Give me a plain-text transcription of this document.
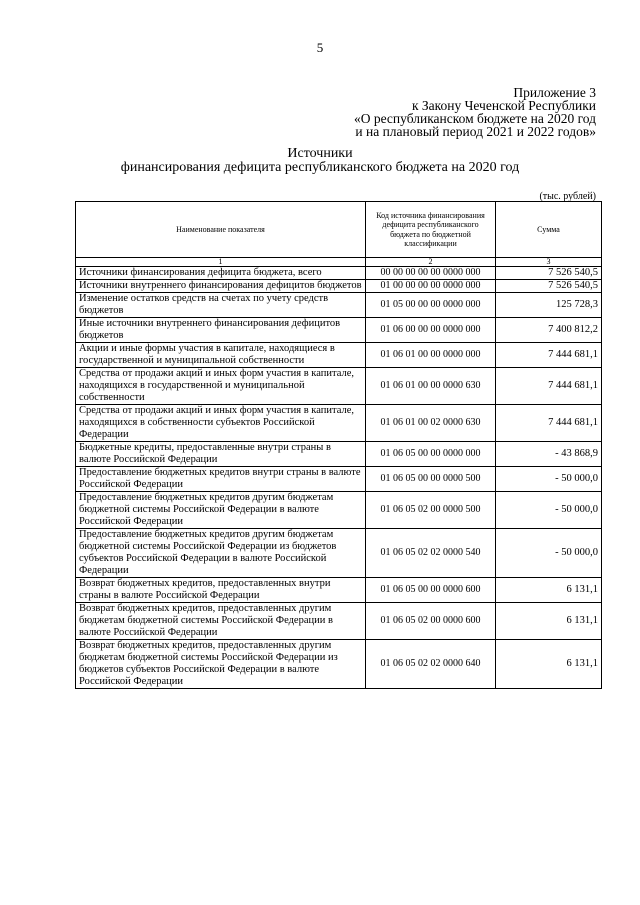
5
Приложение 3
к Закону Чеченской Республики
«О республиканском бюджете на 2020 год
и на плановый период 2021 и 2022 годов»
Источники
финансирования дефицита республиканского бюджета на 2020 год
(тыс. рублей)
Наименование показателя	Код источника финансирования дефицита республиканского бюджета по бюджетной классификации	Сумма
1	2	3
Источники финансирования дефицита бюджета, всего	00 00 00 00 00 0000 000	7 526 540,5
Источники внутреннего финансирования дефицитов бюджетов	01 00 00 00 00 0000 000	7 526 540,5
Изменение остатков средств на счетах по учету средств бюджетов	01 05 00 00 00 0000 000	125 728,3
Иные источники внутреннего финансирования дефицитов бюджетов	01 06 00 00 00 0000 000	7 400 812,2
Акции и иные формы участия в капитале, находящиеся в государственной и муниципальной собственности	01 06 01 00 00 0000 000	7 444 681,1
Средства от продажи акций и иных форм участия в капитале, находящихся в государственной и муниципальной собственности	01 06 01 00 00 0000 630	7 444 681,1
Средства от продажи акций и иных форм участия в капитале, находящихся в собственности субъектов Российской Федерации	01 06 01 00 02 0000 630	7 444 681,1
Бюджетные кредиты, предоставленные внутри страны в валюте Российской Федерации	01 06 05 00 00 0000 000	- 43 868,9
Предоставление бюджетных кредитов внутри страны в валюте Российской Федерации	01 06 05 00 00 0000 500	- 50 000,0
Предоставление бюджетных кредитов другим бюджетам бюджетной системы Российской Федерации в валюте Российской Федерации	01 06 05 02 00 0000 500	- 50 000,0
Предоставление бюджетных кредитов другим бюджетам бюджетной системы Российской Федерации из бюджетов субъектов Российской Федерации в валюте Российской Федерации	01 06 05 02 02 0000 540	- 50 000,0
Возврат бюджетных кредитов, предоставленных внутри страны в валюте Российской Федерации	01 06 05 00 00 0000 600	6 131,1
Возврат бюджетных кредитов, предоставленных другим бюджетам бюджетной системы Российской Федерации в валюте Российской Федерации	01 06 05 02 00 0000 600	6 131,1
Возврат бюджетных кредитов, предоставленных другим бюджетам бюджетной системы Российской Федерации из бюджетов субъектов Российской Федерации в валюте Российской Федерации	01 06 05 02 02 0000 640	6 131,1
